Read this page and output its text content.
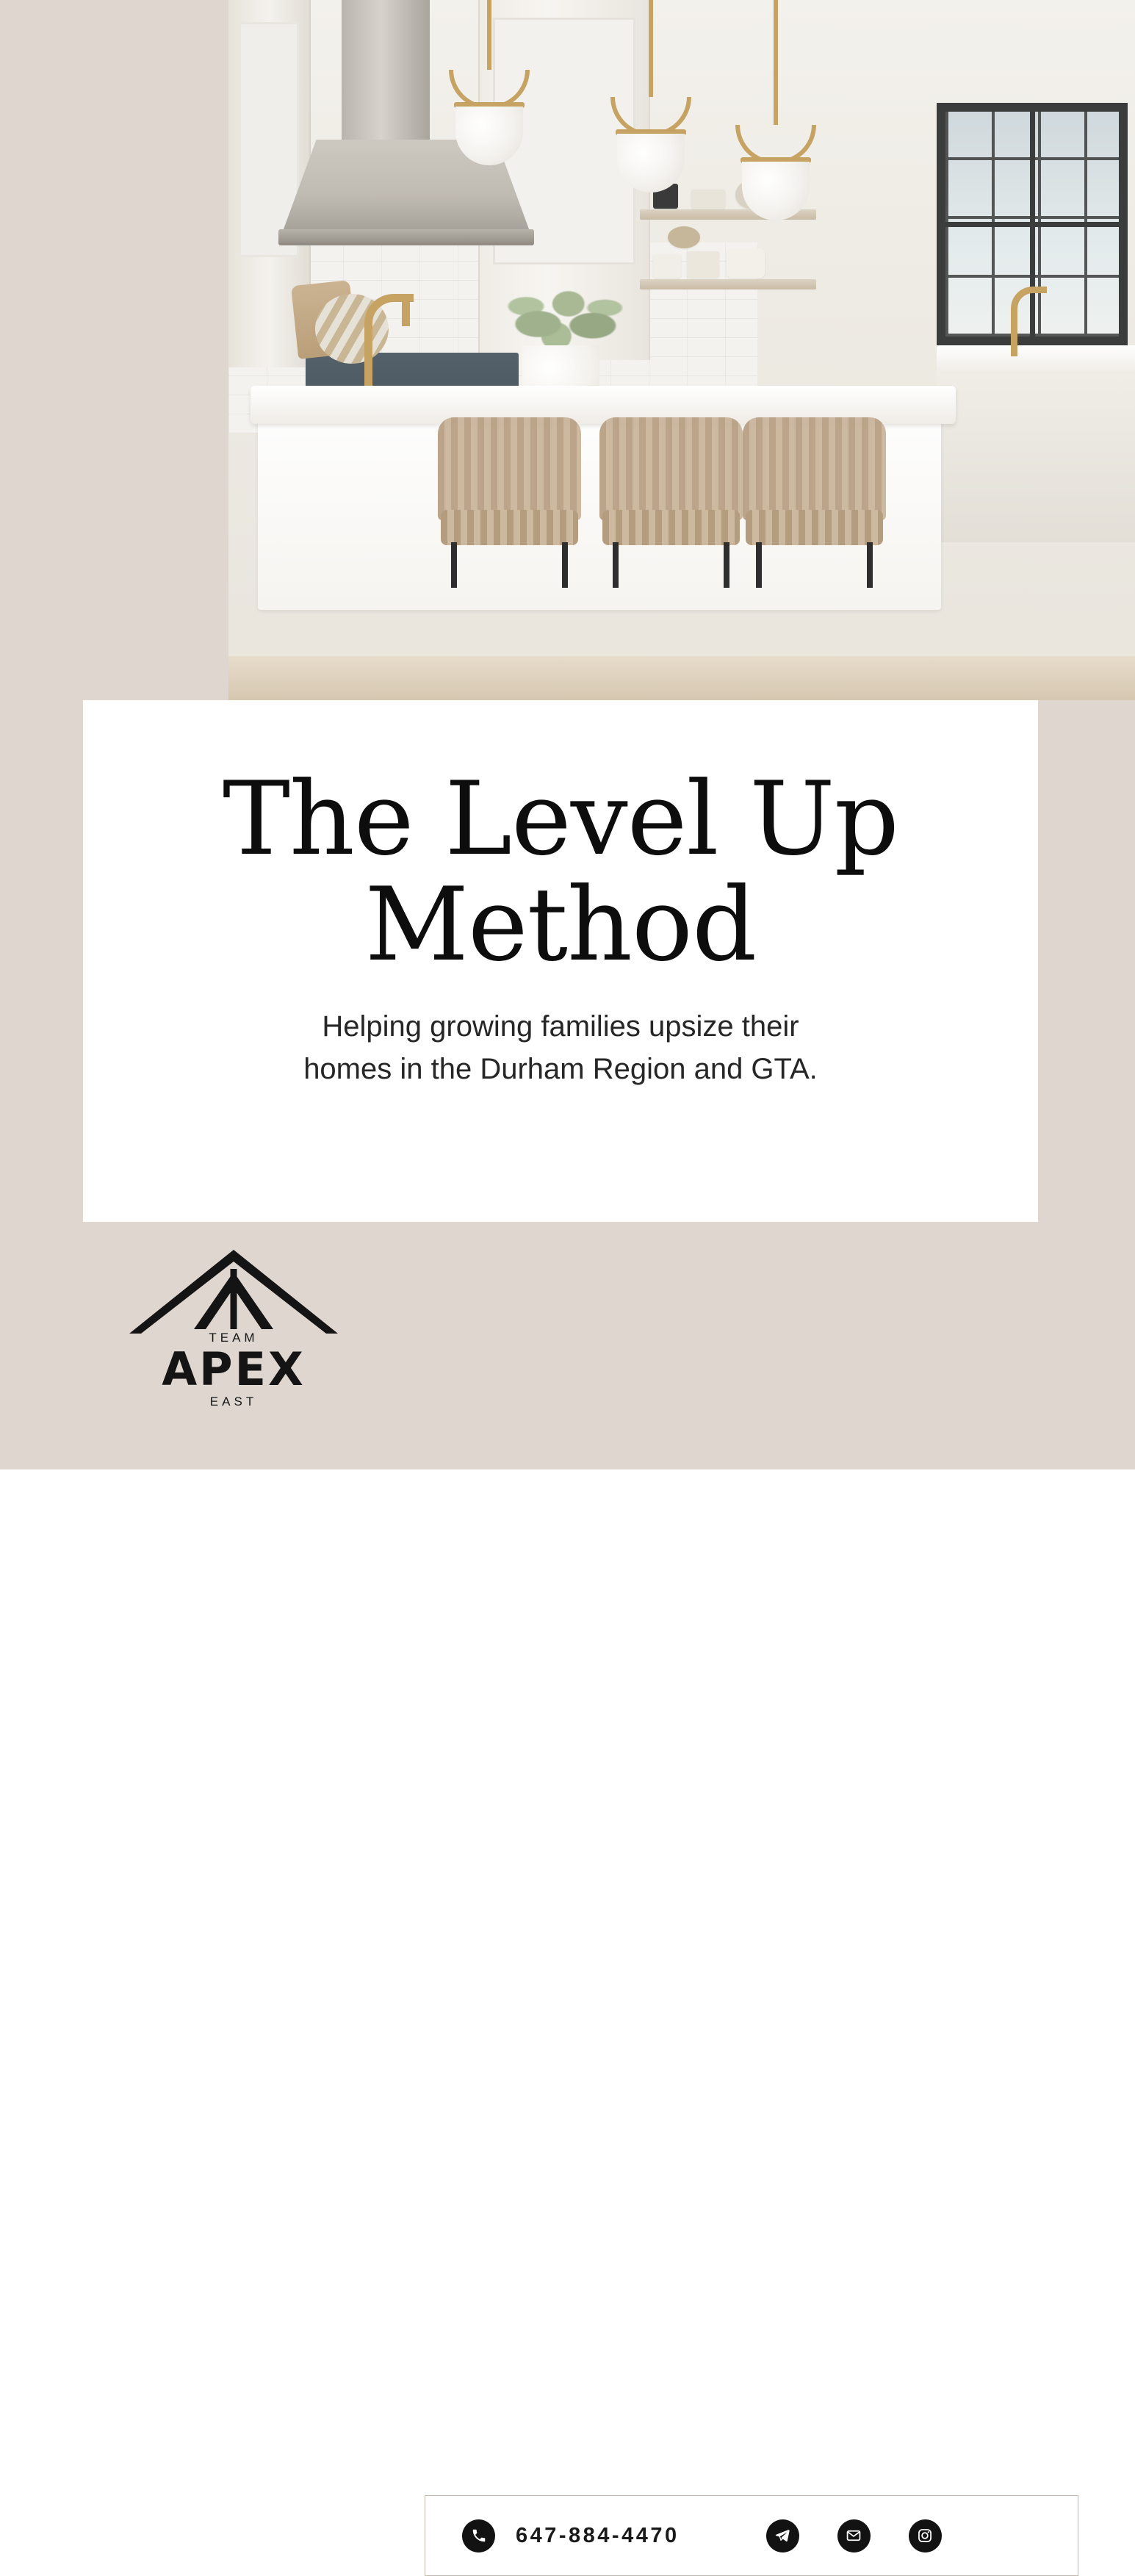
The Level Up
Method

Helping growing families upsize their
homes in the Durham Region and GTA.

TEAM
APEX
EAST
647-884-4470
